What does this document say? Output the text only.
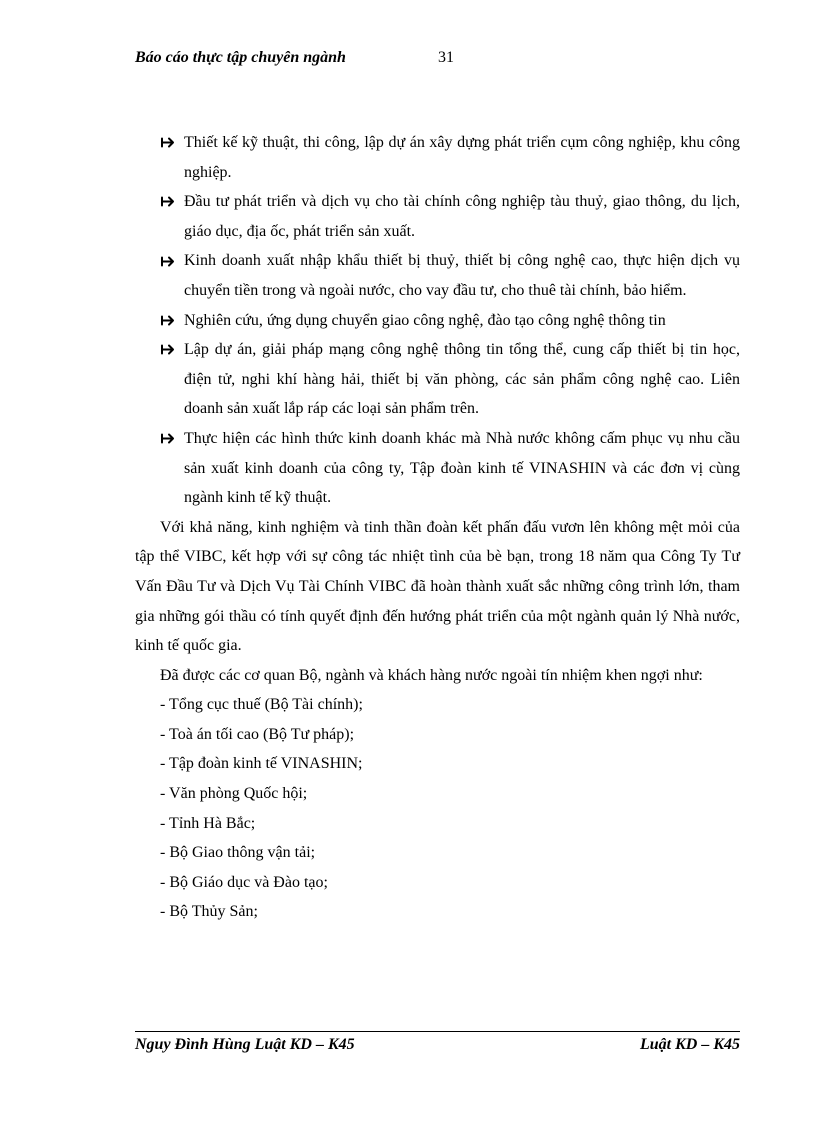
Báo cáo thực tập chuyên ngành	31
Thiết kế kỹ thuật, thi công, lập dự án xây dựng phát triển cụm công nghiệp, khu công nghiệp.
Đầu tư phát triển và dịch vụ cho tài chính công nghiệp tàu thuỷ, giao thông, du lịch, giáo dục, địa ốc, phát triển sản xuất.
Kinh doanh xuất nhập khẩu thiết bị thuỷ, thiết bị công nghệ cao, thực hiện dịch vụ chuyển tiền trong và ngoài nước, cho vay đầu tư, cho thuê tài chính, bảo hiểm.
Nghiên cứu, ứng dụng chuyển giao công nghệ, đào tạo công nghệ thông tin
Lập dự án, giải pháp mạng công nghệ thông tin tổng thể, cung cấp thiết bị tin học, điện tử, nghi khí hàng hải, thiết bị văn phòng, các sản phẩm công nghệ cao. Liên doanh sản xuất lắp ráp các loại sản phẩm trên.
Thực hiện các hình thức kinh doanh khác mà Nhà nước không cấm phục vụ nhu cầu sản xuất kinh doanh của công ty, Tập đoàn kinh tế VINASHIN và các đơn vị cùng ngành kinh tế kỹ thuật.

Với khả năng, kinh nghiệm và tinh thần đoàn kết phấn đấu vươn lên không mệt mỏi của tập thể VIBC, kết hợp với sự công tác nhiệt tình của bè bạn, trong 18 năm qua Công Ty Tư Vấn Đầu Tư và Dịch Vụ Tài Chính VIBC đã hoàn thành xuất sắc những công trình lớn, tham gia những gói thầu có tính quyết định đến hướng phát triển của một ngành quản lý Nhà nước, kinh tế quốc gia.

Đã được các cơ quan Bộ, ngành và khách hàng nước ngoài tín nhiệm khen ngợi như:

- Tổng cục thuế (Bộ Tài chính);
- Toà án tối cao (Bộ Tư pháp);
- Tập đoàn kinh tế VINASHIN;
- Văn phòng Quốc hội;
- Tỉnh Hà Bắc;
- Bộ Giao thông vận tải;
- Bộ Giáo dục và Đào tạo;
- Bộ Thủy Sản;
Nguy Đình Hùng Luật KD – K45	Luật KD – K45
